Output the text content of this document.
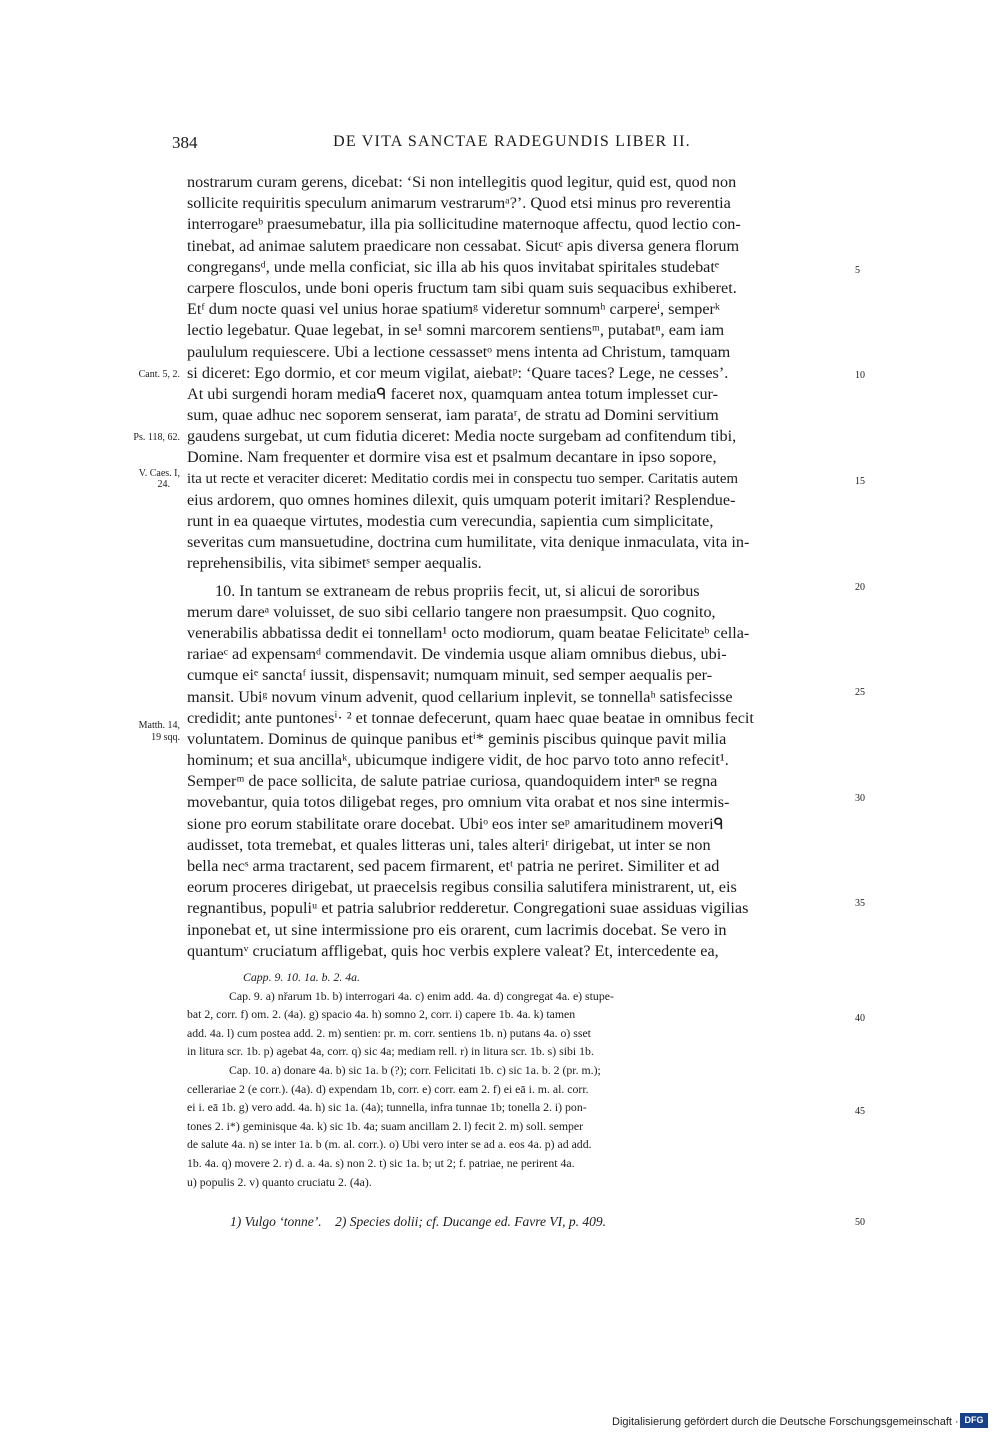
384	DE VITA SANCTAE RADEGUNDIS LIBER II.
nostrarum curam gerens, dicebat: ‘Si non intellegitis quod legitur, quid est, quod non
sollicite requiritis speculum animarum vestrarumᵃ?’. Quod etsi minus pro reverentia
interrogareᵇ praesumebatur, illa pia sollicitudine maternoque affectu, quod lectio con-
tinebat, ad animae salutem praedicare non cessabat. Sicutᶜ apis diversa genera florum
congregansᵈ, unde mella conficiat, sic illa ab his quos invitabat spiritales studebatᵉ
carpere flosculos, unde boni operis fructum tam sibi quam suis sequacibus exhiberet.
Etᶠ dum nocte quasi vel unius horae spatiumᵍ videretur somnumʰ carpereⁱ, semperᵏ
lectio legebatur. Quae legebat, in se¹ somni marcorem sentiensᵐ, putabatⁿ, eam iam
paululum requiescere. Ubi a lectione cessassetᵒ mens intenta ad Christum, tamquam
si diceret: Ego dormio, et cor meum vigilat, aiebatᵖ: ‘Quare taces? Lege, ne cesses’.
At ubi surgendi horam mediaᑫ faceret nox, quamquam antea totum implesset cur-
sum, quae adhuc nec soporem senserat, iam parataʳ, de stratu ad Domini servitium
gaudens surgebat, ut cum fidutia diceret: Media nocte surgebam ad confitendum tibi,
Domine. Nam frequenter et dormire visa est et psalmum decantare in ipso sopore,
ita ut recte et veraciter diceret: Meditatio cordis mei in conspectu tuo semper. Caritatis autem
eius ardorem, quo omnes homines dilexit, quis umquam poterit imitari? Resplendue-
runt in ea quaeque virtutes, modestia cum verecundia, sapientia cum simplicitate,
severitas cum mansuetudine, doctrina cum humilitate, vita denique inmaculata, vita in-
reprehensibilis, vita sibimetˢ semper aequalis.
10. In tantum se extraneam de rebus propriis fecit, ut, si alicui de sororibus
merum dareᵃ voluisset, de suo sibi cellario tangere non praesumpsit. Quo cognito,
venerabilis abbatissa dedit ei tonnellam¹ octo modiorum, quam beatae Felicitateᵇ cella-
rariaeᶜ ad expensamᵈ commendavit. De vindemia usque aliam omnibus diebus, ubi-
cumque eiᵉ sanctaᶠ iussit, dispensavit; numquam minuit, sed semper aequalis per-
mansit. Ubiᵍ novum vinum advenit, quod cellarium inplevit, se tonnellaʰ satisfecisse
credidit; ante puntonesⁱ· ² et tonnae defecerunt, quam haec quae beatae in omnibus fecit
voluntatem. Dominus de quinque panibus etⁱ* geminis piscibus quinque pavit milia
hominum; et sua ancillaᵏ, ubicumque indigere vidit, de hoc parvo toto anno refecit¹.
Semperᵐ de pace sollicita, de salute patriae curiosa, quandoquidem interⁿ se regna
movebantur, quia totos diligebat reges, pro omnium vita orabat et nos sine intermis-
sione pro eorum stabilitate orare docebat. Ubiᵒ eos inter seᵖ amaritudinem moveriᑫ
audisset, tota tremebat, et quales litteras uni, tales alteriʳ dirigebat, ut inter se non
bella necˢ arma tractarent, sed pacem firmarent, etᵗ patria ne periret. Similiter et ad
eorum proceres dirigebat, ut praecelsis regibus consilia salutifera ministrarent, ut, eis
regnantibus, populiᵘ et patria salubrior redderetur. Congregationi suae assiduas vigilias
inponebat et, ut sine intermissione pro eis orarent, cum lacrimis docebat. Se vero in
quantumᵛ cruciatum affligebat, quis hoc verbis explere valeat? Et, intercedente ea,
Cant. 5, 2.
Ps. 118, 62.
V. Caes. I,
24.
Matth. 14,
19 sqq.
5
10
15
20
25
30
35
Capp. 9. 10. 1a. b. 2. 4a.
Cap. 9. a) nřarum 1b. b) interrogari 4a. c) enim add. 4a. d) congregat 4a. e) stupe-
bat 2, corr. f) om. 2. (4a). g) spacio 4a. h) somno 2, corr. i) capere 1b. 4a. k) tamen
add. 4a. l) cum postea add. 2. m) sentien: pr. m. corr. sentiens 1b. n) putans 4a. o) sset
in litura scr. 1b. p) agebat 4a, corr. q) sic 4a; mediam rell. r) in litura scr. 1b. s) sibi 1b.
Cap. 10. a) donare 4a. b) sic 1a. b (?); corr. Felicitati 1b. c) sic 1a. b. 2 (pr. m.);
cellerariae 2 (e corr.). (4a). d) expendam 1b, corr. e) corr. eam 2. f) ei eā i. m. al. corr.
ei i. eā 1b. g) vero add. 4a. h) sic 1a. (4a); tunnella, infra tunnae 1b; tonella 2. i) pon-
tones 2. i*) geminisque 4a. k) sic 1b. 4a; suam ancillam 2. l) fecit 2. m) soll. semper
de salute 4a. n) se inter 1a. b (m. al. corr.). o) Ubi vero inter se ad a. eos 4a. p) ad add.
1b. 4a. q) movere 2. r) d. a. 4a. s) non 2. t) sic 1a. b; ut 2; f. patriae, ne perirent 4a.
u) populis 2. v) quanto cruciatu 2. (4a).
40
45
1) Vulgo ‘tonne’.    2) Species dolii; cf. Ducange ed. Favre VI, p. 409.	50
Digitalisierung gefördert durch die Deutsche Forschungsgemeinschaft · DFG
